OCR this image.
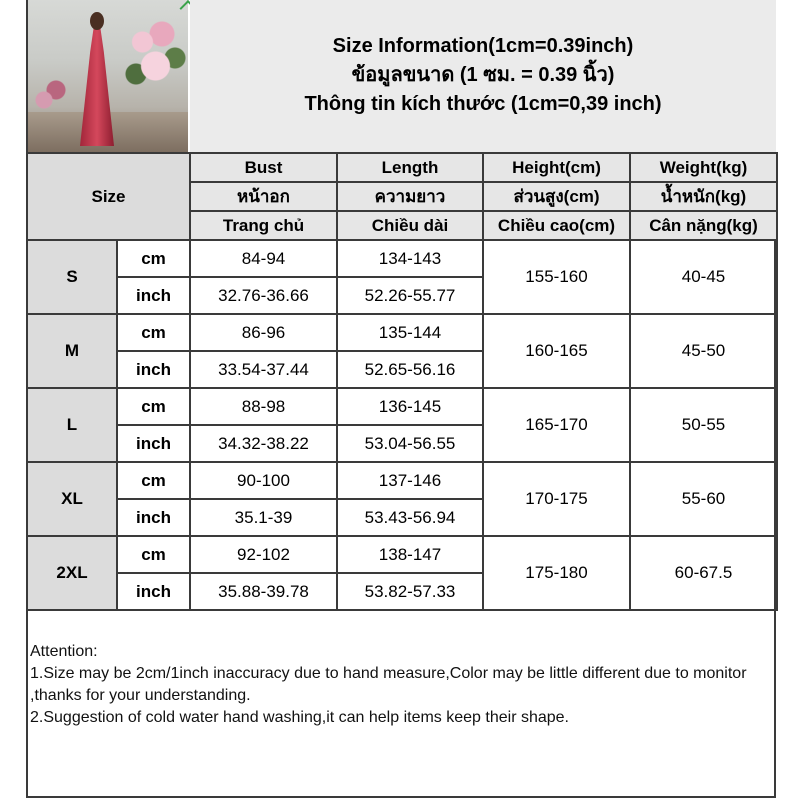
Size Information(1cm=0.39inch)
ข้อมูลขนาด (1 ซม. = 0.39 นิ้ว)
Thông tin kích thước (1cm=0,39 inch)
Size		Bust	Length	Height(cm)	Weight(kg)
		หน้าอก	ความยาว	ส่วนสูง(cm)	น้ำหนัก(kg)
		Trang chủ	Chiều dài	Chiều cao(cm)	Cân nặng(kg)
S	cm	84-94	134-143	155-160	40-45
	inch	32.76-36.66	52.26-55.77		
M	cm	86-96	135-144	160-165	45-50
	inch	33.54-37.44	52.65-56.16		
L	cm	88-98	136-145	165-170	50-55
	inch	34.32-38.22	53.04-56.55		
XL	cm	90-100	137-146	170-175	55-60
	inch	35.1-39	53.43-56.94		
2XL	cm	92-102	138-147	175-180	60-67.5
	inch	35.88-39.78	53.82-57.33		
Attention:
1.Size may be 2cm/1inch inaccuracy due to hand measure,Color may be little different due to monitor ,thanks for your understanding.
2.Suggestion of cold water hand washing,it can help items keep their shape.
